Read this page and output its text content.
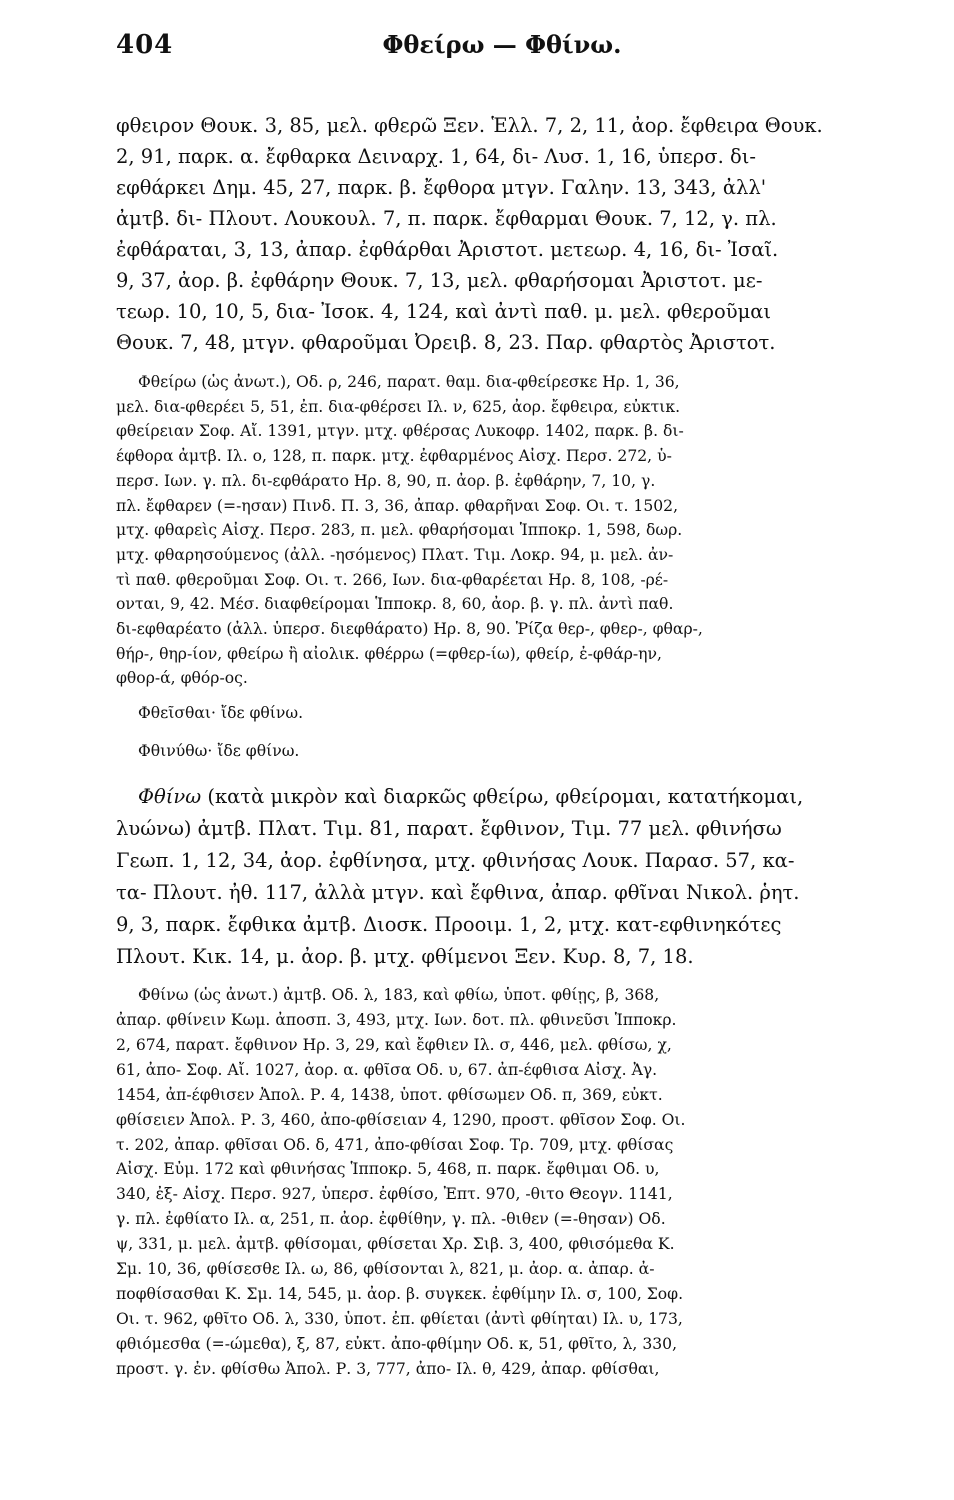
404	Φθείρω — Φθίνω.
φθειρον Θουκ. 3, 85, μελ. φθερῶ Ξεν. Ἑλλ. 7, 2, 11, ἀορ. ἔφθειρα Θουκ.
2, 91, παρκ. α. ἔφθαρκα Δειναρχ. 1, 64, δι- Λυσ. 1, 16, ὑπερσ. δι-
εφθάρκει Δημ. 45, 27, παρκ. β. ἔφθορα μτγν. Γαλην. 13, 343, ἀλλ'
ἀμτβ. δι- Πλουτ. Λουκουλ. 7, π. παρκ. ἔφθαρμαι Θουκ. 7, 12, γ. πλ.
ἐφθάραται, 3, 13, ἀπαρ. ἐφθάρθαι Ἀριστοτ. μετεωρ. 4, 16, δι- Ἰσαῖ.
9, 37, ἀορ. β. ἐφθάρην Θουκ. 7, 13, μελ. φθαρήσομαι Ἀριστοτ. με-
τεωρ. 10, 10, 5, δια- Ἰσοκ. 4, 124, καὶ ἀντὶ παθ. μ. μελ. φθεροῦμαι
Θουκ. 7, 48, μτγν. φθαροῦμαι Ὀρειβ. 8, 23. Παρ. φθαρτὸς Ἀριστοτ.
Φθείρω (ὡς ἀνωτ.), Οδ. ρ, 246, παρατ. θαμ. δια-φθείρεσκε Ηρ. 1, 36,
μελ. δια-φθερέει 5, 51, ἐπ. δια-φθέρσει Ιλ. ν, 625, ἀορ. ἔφθειρα, εὐκτικ.
φθείρειαν Σοφ. Αἴ. 1391, μτγν. μτχ. φθέρσας Λυκοφρ. 1402, παρκ. β. δι-
έφθορα ἀμτβ. Ιλ. ο, 128, π. παρκ. μτχ. ἐφθαρμένος Αἰσχ. Περσ. 272, ὑ-
περσ. Ιων. γ. πλ. δι-εφθάρατο Ηρ. 8, 90, π. ἀορ. β. ἐφθάρην, 7, 10, γ.
πλ. ἔφθαρεν (=-ησαν) Πινδ. Π. 3, 36, ἀπαρ. φθαρῆναι Σοφ. Οι. τ. 1502,
μτχ. φθαρεὶς Αἰσχ. Περσ. 283, π. μελ. φθαρήσομαι Ἱπποκρ. 1, 598, δωρ.
μτχ. φθαρησούμενος (ἀλλ. -ησόμενος) Πλατ. Τιμ. Λοκρ. 94, μ. μελ. ἀν-
τὶ παθ. φθεροῦμαι Σοφ. Οι. τ. 266, Ιων. δια-φθαρέεται Ηρ. 8, 108, -ρέ-
ονται, 9, 42. Μέσ. διαφθείρομαι Ἱπποκρ. 8, 60, ἀορ. β. γ. πλ. ἀντὶ παθ.
δι-εφθαρέατο (ἀλλ. ὑπερσ. διεφθάρατο) Ηρ. 8, 90. Ῥίζα θερ-, φθερ-, φθαρ-,
θήρ-, θηρ-ίον, φθείρω ἢ αἰολικ. φθέρρω (=φθερ-ίω), φθείρ, ἐ-φθάρ-ην,
φθορ-ά, φθόρ-ος.
Φθεῖσθαι· ἴδε φθίνω.
Φθινύθω· ἴδε φθίνω.
Φθίνω (κατὰ μικρὸν καὶ διαρκῶς φθείρω, φθείρομαι, κατατήκομαι,
λυώνω) ἀμτβ. Πλατ. Τιμ. 81, παρατ. ἔφθινον, Τιμ. 77 μελ. φθινήσω
Γεωπ. 1, 12, 34, ἀορ. ἐφθίνησα, μτχ. φθινήσας Λουκ. Παρασ. 57, κα-
τα- Πλουτ. ἠθ. 117, ἀλλὰ μτγν. καὶ ἔφθινα, ἀπαρ. φθῖναι Νικολ. ῥητ.
9, 3, παρκ. ἔφθικα ἀμτβ. Διοσκ. Προοιμ. 1, 2, μτχ. κατ-εφθινηκότες
Πλουτ. Κικ. 14, μ. ἀορ. β. μτχ. φθίμενοι Ξεν. Κυρ. 8, 7, 18.
Φθίνω (ὡς ἀνωτ.) ἀμτβ. Οδ. λ, 183, καὶ φθίω, ὑποτ. φθίῃς, β, 368,
ἀπαρ. φθίνειν Κωμ. ἀποσπ. 3, 493, μτχ. Ιων. δοτ. πλ. φθινεῦσι Ἱπποκρ.
2, 674, παρατ. ἔφθινον Ηρ. 3, 29, καὶ ἔφθιεν Ιλ. σ, 446, μελ. φθίσω, χ,
61, ἀπο- Σοφ. Αἴ. 1027, ἀορ. α. φθῖσα Οδ. υ, 67. ἀπ-έφθισα Αἰσχ. Ἀγ.
1454, ἀπ-έφθισεν Ἀπολ. Ρ. 4, 1438, ὑποτ. φθίσωμεν Οδ. π, 369, εὐκτ.
φθίσειεν Ἀπολ. Ρ. 3, 460, ἀπο-φθίσειαν 4, 1290, προστ. φθῖσον Σοφ. Οι.
τ. 202, ἀπαρ. φθῖσαι Οδ. δ, 471, ἀπο-φθίσαι Σοφ. Τρ. 709, μτχ. φθίσας
Αἰσχ. Εὐμ. 172 καὶ φθινήσας Ἱπποκρ. 5, 468, π. παρκ. ἔφθιμαι Οδ. υ,
340, ἐξ- Αἰσχ. Περσ. 927, ὑπερσ. ἐφθίσο, Ἐπτ. 970, -θιτο Θεογν. 1141,
γ. πλ. ἐφθίατο Ιλ. α, 251, π. ἀορ. ἐφθίθην, γ. πλ. -θιθεν (=-θησαν) Οδ.
ψ, 331, μ. μελ. ἀμτβ. φθίσομαι, φθίσεται Χρ. Σιβ. 3, 400, φθισόμεθα Κ.
Σμ. 10, 36, φθίσεσθε Ιλ. ω, 86, φθίσονται λ, 821, μ. ἀορ. α. ἀπαρ. ἀ-
ποφθίσασθαι Κ. Σμ. 14, 545, μ. ἀορ. β. συγκεκ. ἐφθίμην Ιλ. σ, 100, Σοφ.
Οι. τ. 962, φθῖτο Οδ. λ, 330, ὑποτ. ἐπ. φθίεται (ἀντὶ φθίηται) Ιλ. υ, 173,
φθιόμεσθα (=-ώμεθα), ξ, 87, εὐκτ. ἀπο-φθίμην Οδ. κ, 51, φθῖτο, λ, 330,
προστ. γ. ἐν. φθίσθω Ἀπολ. Ρ. 3, 777, ἀπο- Ιλ. θ, 429, ἀπαρ. φθίσθαι,
